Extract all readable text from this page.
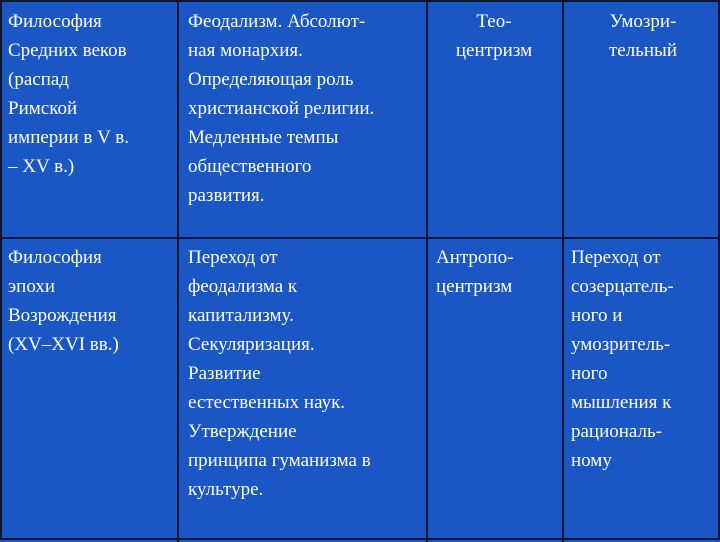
Философия
Средних веков
(распад
Римской
империи в V в.
– XV в.)
Феодализм. Абсолют-
ная монархия.
Определяющая роль
христианской религии.
Медленные темпы
общественного
развития.
Тео-
центризм
Умозри-
тельный
Философия
эпохи
Возрождения
(XV–XVI вв.)
Переход от
феодализма к
капитализму.
Секуляризация.
Развитие
естественных наук.
Утверждение
принципа гуманизма в
культуре.
Антропо-
центризм
Переход от
созерцатель-
ного и
умозритель-
ного
мышления к
рациональ-
ному
